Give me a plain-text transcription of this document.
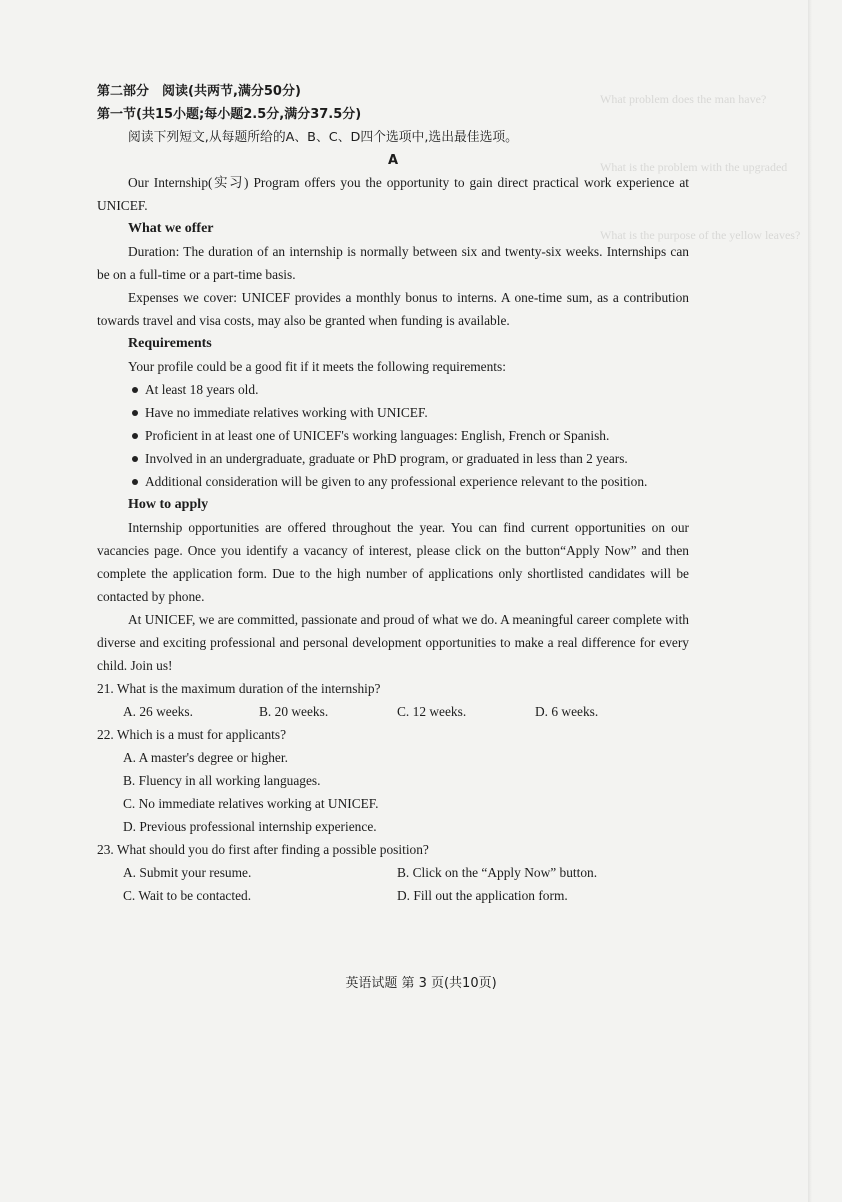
What problem does the man have?
What is the problem with the upgraded
What is the purpose of the yellow leaves?
第二部分　阅读(共两节,满分50分)
第一节(共15小题;每小题2.5分,满分37.5分)
阅读下列短文,从每题所给的A、B、C、D四个选项中,选出最佳选项。
A

Our Internship(实习) Program offers you the opportunity to gain direct practical work experience at UNICEF.

What we offer

Duration: The duration of an internship is normally between six and twenty-six weeks. Internships can be on a full-time or a part-time basis.

Expenses we cover: UNICEF provides a monthly bonus to interns. A one-time sum, as a contribution towards travel and visa costs, may also be granted when funding is available.

Requirements

Your profile could be a good fit if it meets the following requirements:

At least 18 years old.
Have no immediate relatives working with UNICEF.
Proficient in at least one of UNICEF's working languages: English, French or Spanish.
Involved in an undergraduate, graduate or PhD program, or graduated in less than 2 years.
Additional consideration will be given to any professional experience relevant to the position.
How to apply

Internship opportunities are offered throughout the year. You can find current opportunities on our vacancies page. Once you identify a vacancy of interest, please click on the button“Apply Now” and then complete the application form. Due to the high number of applications only shortlisted candidates will be contacted by phone.

At UNICEF, we are committed, passionate and proud of what we do. A meaningful career complete with diverse and exciting professional and personal development opportunities to make a real difference for every child. Join us!

21. What is the maximum duration of the internship?
A. 26 weeks.	B. 20 weeks.	C. 12 weeks.	D. 6 weeks.
22. Which is a must for applicants?
A. A master's degree or higher.
B. Fluency in all working languages.
C. No immediate relatives working at UNICEF.
D. Previous professional internship experience.
23. What should you do first after finding a possible position?
A. Submit your resume.	B. Click on the “Apply Now” button.
C. Wait to be contacted.	D. Fill out the application form.
英语试题 第 3 页(共10页)
